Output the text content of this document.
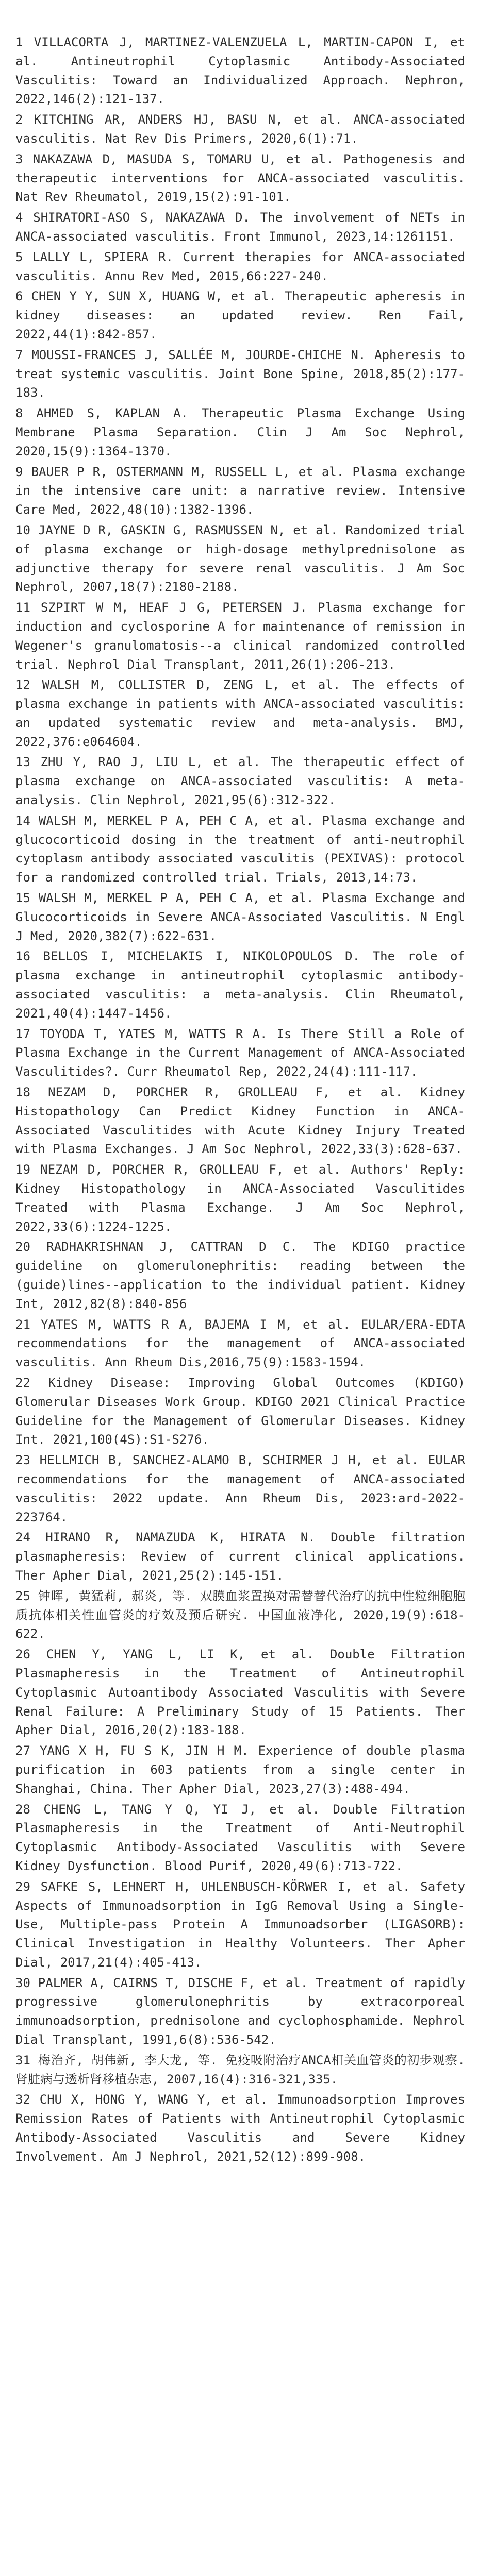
1 VILLACORTA J, MARTINEZ-VALENZUELA L, MARTIN-CAPON I, et al. Antineutrophil Cytoplasmic Antibody-Associated Vasculitis: Toward an Individualized Approach. Nephron, 2022,146(2):121-137.
2 KITCHING AR, ANDERS HJ, BASU N, et al. ANCA-associated vasculitis. Nat Rev Dis Primers, 2020,6(1):71.
3 NAKAZAWA D, MASUDA S, TOMARU U, et al. Pathogenesis and therapeutic interventions for ANCA-associated vasculitis. Nat Rev Rheumatol, 2019,15(2):91-101.
4 SHIRATORI-ASO S, NAKAZAWA D. The involvement of NETs in ANCA-associated vasculitis. Front Immunol, 2023,14:1261151.
5 LALLY L, SPIERA R. Current therapies for ANCA-associated vasculitis. Annu Rev Med, 2015,66:227-240.
6 CHEN Y Y, SUN X, HUANG W, et al. Therapeutic apheresis in kidney diseases: an updated review. Ren Fail, 2022,44(1):842-857.
7 MOUSSI-FRANCES J, SALLÉE M, JOURDE-CHICHE N. Apheresis to treat systemic vasculitis. Joint Bone Spine, 2018,85(2):177-183.
8 AHMED S, KAPLAN A. Therapeutic Plasma Exchange Using Membrane Plasma Separation. Clin J Am Soc Nephrol, 2020,15(9):1364-1370.
9 BAUER P R, OSTERMANN M, RUSSELL L, et al. Plasma exchange in the intensive care unit: a narrative review. Intensive Care Med, 2022,48(10):1382-1396.
10 JAYNE D R, GASKIN G, RASMUSSEN N, et al. Randomized trial of plasma exchange or high-dosage methylprednisolone as adjunctive therapy for severe renal vasculitis. J Am Soc Nephrol, 2007,18(7):2180-2188.
11 SZPIRT W M, HEAF J G, PETERSEN J. Plasma exchange for induction and cyclosporine A for maintenance of remission in Wegener's granulomatosis--a clinical randomized controlled trial. Nephrol Dial Transplant, 2011,26(1):206-213.
12 WALSH M, COLLISTER D, ZENG L, et al. The effects of plasma exchange in patients with ANCA-associated vasculitis: an updated systematic review and meta-analysis. BMJ, 2022,376:e064604.
13 ZHU Y, RAO J, LIU L, et al. The therapeutic effect of plasma exchange on ANCA-associated vasculitis: A meta-analysis. Clin Nephrol, 2021,95(6):312-322.
14 WALSH M, MERKEL P A, PEH C A, et al. Plasma exchange and glucocorticoid dosing in the treatment of anti-neutrophil cytoplasm antibody associated vasculitis (PEXIVAS): protocol for a randomized controlled trial. Trials, 2013,14:73.
15 WALSH M, MERKEL P A, PEH C A, et al. Plasma Exchange and Glucocorticoids in Severe ANCA-Associated Vasculitis. N Engl J Med, 2020,382(7):622-631.
16 BELLOS I, MICHELAKIS I, NIKOLOPOULOS D. The role of plasma exchange in antineutrophil cytoplasmic antibody-associated vasculitis: a meta-analysis. Clin Rheumatol, 2021,40(4):1447-1456.
17 TOYODA T, YATES M, WATTS R A. Is There Still a Role of Plasma Exchange in the Current Management of ANCA-Associated Vasculitides?. Curr Rheumatol Rep, 2022,24(4):111-117.
18 NEZAM D, PORCHER R, GROLLEAU F, et al. Kidney Histopathology Can Predict Kidney Function in ANCA-Associated Vasculitides with Acute Kidney Injury Treated with Plasma Exchanges. J Am Soc Nephrol, 2022,33(3):628-637.
19 NEZAM D, PORCHER R, GROLLEAU F, et al. Authors' Reply: Kidney Histopathology in ANCA-Associated Vasculitides Treated with Plasma Exchange. J Am Soc Nephrol, 2022,33(6):1224-1225.
20 RADHAKRISHNAN J, CATTRAN D C. The KDIGO practice guideline on glomerulonephritis: reading between the (guide)lines--application to the individual patient. Kidney Int, 2012,82(8):840-856
21 YATES M, WATTS R A, BAJEMA I M, et al. EULAR/ERA-EDTA recommendations for the management of ANCA-associated vasculitis. Ann Rheum Dis,2016,75(9):1583-1594.
22 Kidney Disease: Improving Global Outcomes (KDIGO) Glomerular Diseases Work Group. KDIGO 2021 Clinical Practice Guideline for the Management of Glomerular Diseases. Kidney Int. 2021,100(4S):S1-S276.
23 HELLMICH B, SANCHEZ-ALAMO B, SCHIRMER J H, et al. EULAR recommendations for the management of ANCA-associated vasculitis: 2022 update. Ann Rheum Dis, 2023:ard-2022-223764.
24 HIRANO R, NAMAZUDA K, HIRATA N. Double filtration plasmapheresis: Review of current clinical applications. Ther Apher Dial, 2021,25(2):145-151.
25 钟晖, 黄猛莉, 郝炎, 等. 双膜血浆置换对需替替代治疗的抗中性粒细胞胞质抗体相关性血管炎的疗效及预后研究. 中国血液净化, 2020,19(9):618-622.
26 CHEN Y, YANG L, LI K, et al. Double Filtration Plasmapheresis in the Treatment of Antineutrophil Cytoplasmic Autoantibody Associated Vasculitis with Severe Renal Failure: A Preliminary Study of 15 Patients. Ther Apher Dial, 2016,20(2):183-188.
27 YANG X H, FU S K, JIN H M. Experience of double plasma purification in 603 patients from a single center in Shanghai, China. Ther Apher Dial, 2023,27(3):488-494.
28 CHENG L, TANG Y Q, YI J, et al. Double Filtration Plasmapheresis in the Treatment of Anti-Neutrophil Cytoplasmic Antibody-Associated Vasculitis with Severe Kidney Dysfunction. Blood Purif, 2020,49(6):713-722.
29 SAFKE S, LEHNERT H, UHLENBUSCH-KÖRWER I, et al. Safety Aspects of Immunoadsorption in IgG Removal Using a Single-Use, Multiple-pass Protein A Immunoadsorber (LIGASORB): Clinical Investigation in Healthy Volunteers. Ther Apher Dial, 2017,21(4):405-413.
30 PALMER A, CAIRNS T, DISCHE F, et al. Treatment of rapidly progressive glomerulonephritis by extracorporeal immunoadsorption, prednisolone and cyclophosphamide. Nephrol Dial Transplant, 1991,6(8):536-542.
31 梅治齐, 胡伟新, 李大龙, 等. 免疫吸附治疗ANCA相关血管炎的初步观察. 肾脏病与透析肾移植杂志, 2007,16(4):316-321,335.
32 CHU X, HONG Y, WANG Y, et al. Immunoadsorption Improves Remission Rates of Patients with Antineutrophil Cytoplasmic Antibody-Associated Vasculitis and Severe Kidney Involvement. Am J Nephrol, 2021,52(12):899-908.
